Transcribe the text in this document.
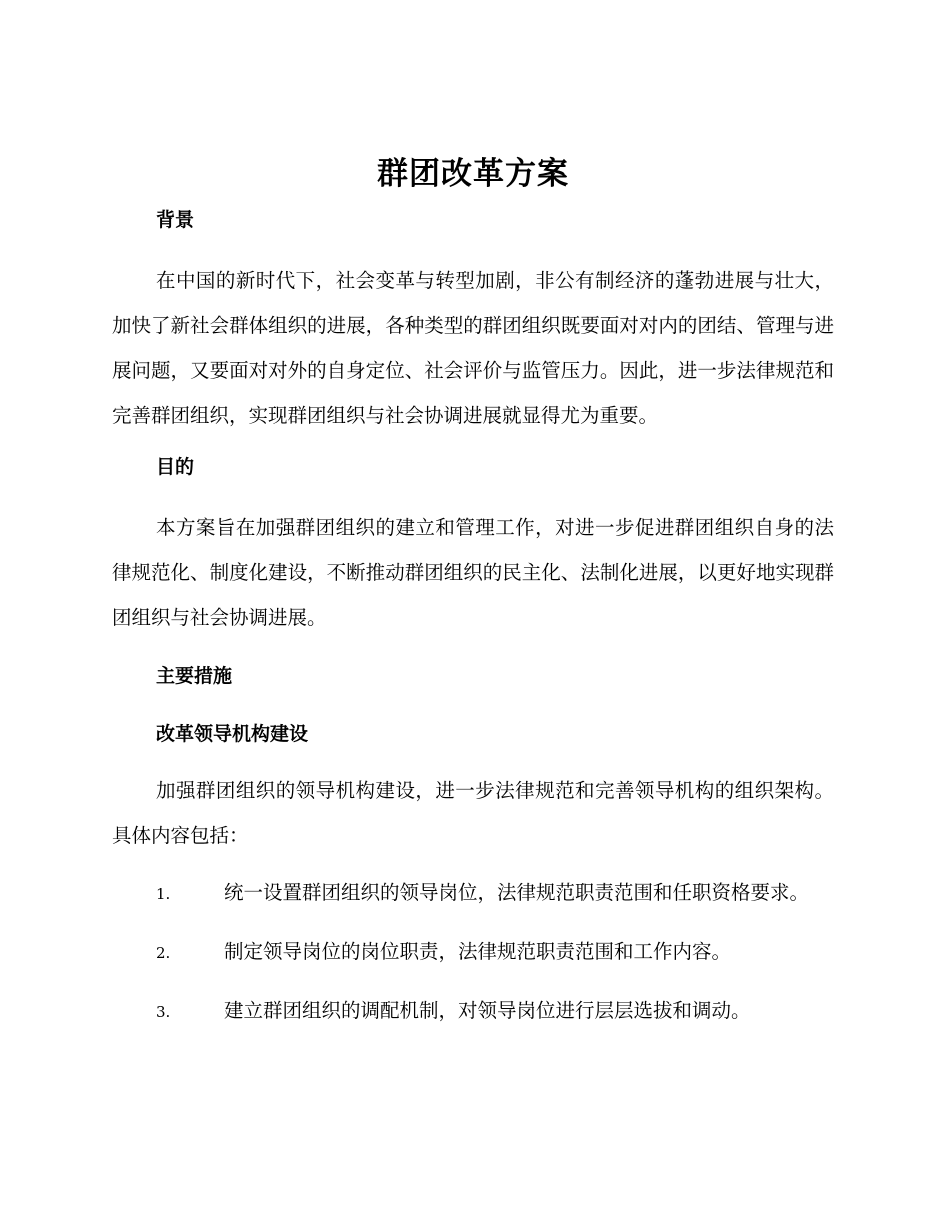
群团改革方案
背景

在中国的新时代下，社会变革与转型加剧，非公有制经济的蓬勃进展与壮大，加快了新社会群体组织的进展，各种类型的群团组织既要面对对内的团结、管理与进展问题，又要面对对外的自身定位、社会评价与监管压力。因此，进一步法律规范和完善群团组织，实现群团组织与社会协调进展就显得尤为重要。

目的

本方案旨在加强群团组织的建立和管理工作，对进一步促进群团组织自身的法律规范化、制度化建设，不断推动群团组织的民主化、法制化进展，以更好地实现群团组织与社会协调进展。

主要措施
改革领导机构建设

加强群团组织的领导机构建设，进一步法律规范和完善领导机构的组织架构。具体内容包括：

1.	统一设置群团组织的领导岗位，法律规范职责范围和任职资格要求。

2.	制定领导岗位的岗位职责，法律规范职责范围和工作内容。

3.	建立群团组织的调配机制，对领导岗位进行层层选拔和调动。
